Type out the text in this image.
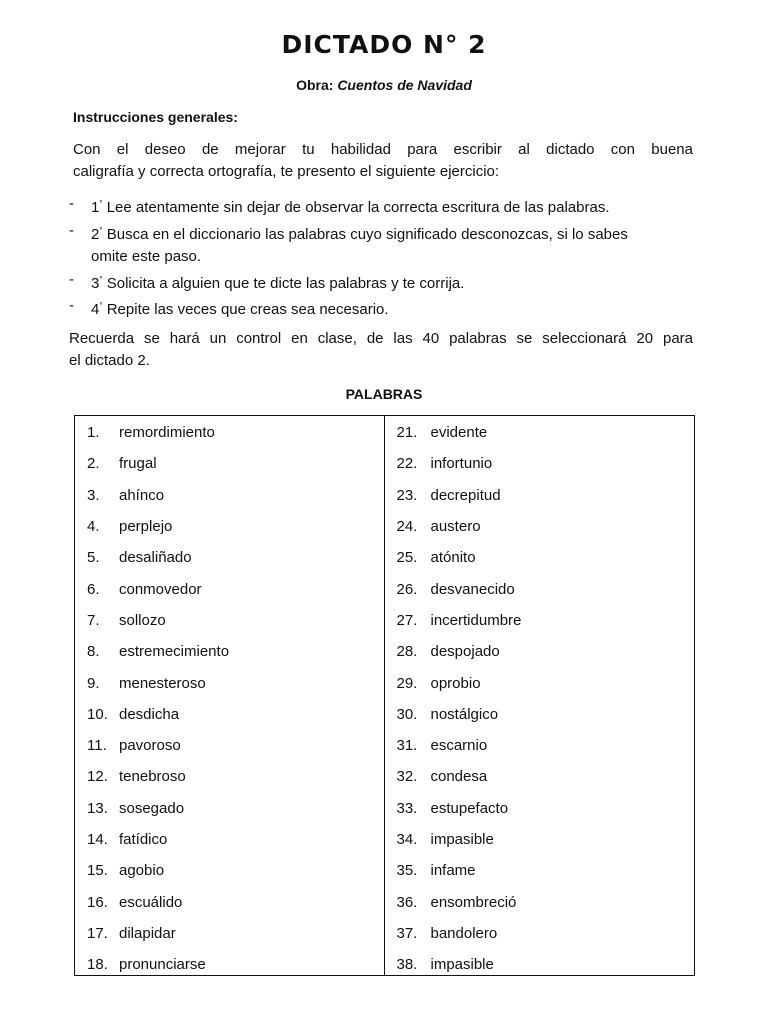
DICTADO N° 2
Obra: Cuentos de Navidad
Instrucciones generales:
Con el deseo de mejorar tu habilidad para escribir al dictado con buena
caligrafía y correcta ortografía, te presento el siguiente ejercicio:
- 1° Lee atentamente sin dejar de observar la correcta escritura de las palabras.
- 2° Busca en el diccionario las palabras cuyo significado desconozcas, si lo sabes
omite este paso.
- 3° Solicita a alguien que te dicte las palabras y te corrija.
- 4° Repite las veces que creas sea necesario.
Recuerda se hará un control en clase, de las 40 palabras se seleccionará 20 para
el dictado 2.
PALABRAS
1.	remordimiento
2.	frugal
3.	ahínco
4.	perplejo
5.	desaliñado
6.	conmovedor
7.	sollozo
8.	estremecimiento
9.	menesteroso
10. desdicha
11. pavoroso
12. tenebroso
13. sosegado
14. fatídico
15. agobio
16. escuálido
17. dilapidar
18. pronunciarse
21. evidente
22. infortunio
23. decrepitud
24. austero
25. atónito
26. desvanecido
27. incertidumbre
28. despojado
29. oprobio
30. nostálgico
31. escarnio
32. condesa
33. estupefacto
34. impasible
35. infame
36. ensombreció
37. bandolero
38. impasible
